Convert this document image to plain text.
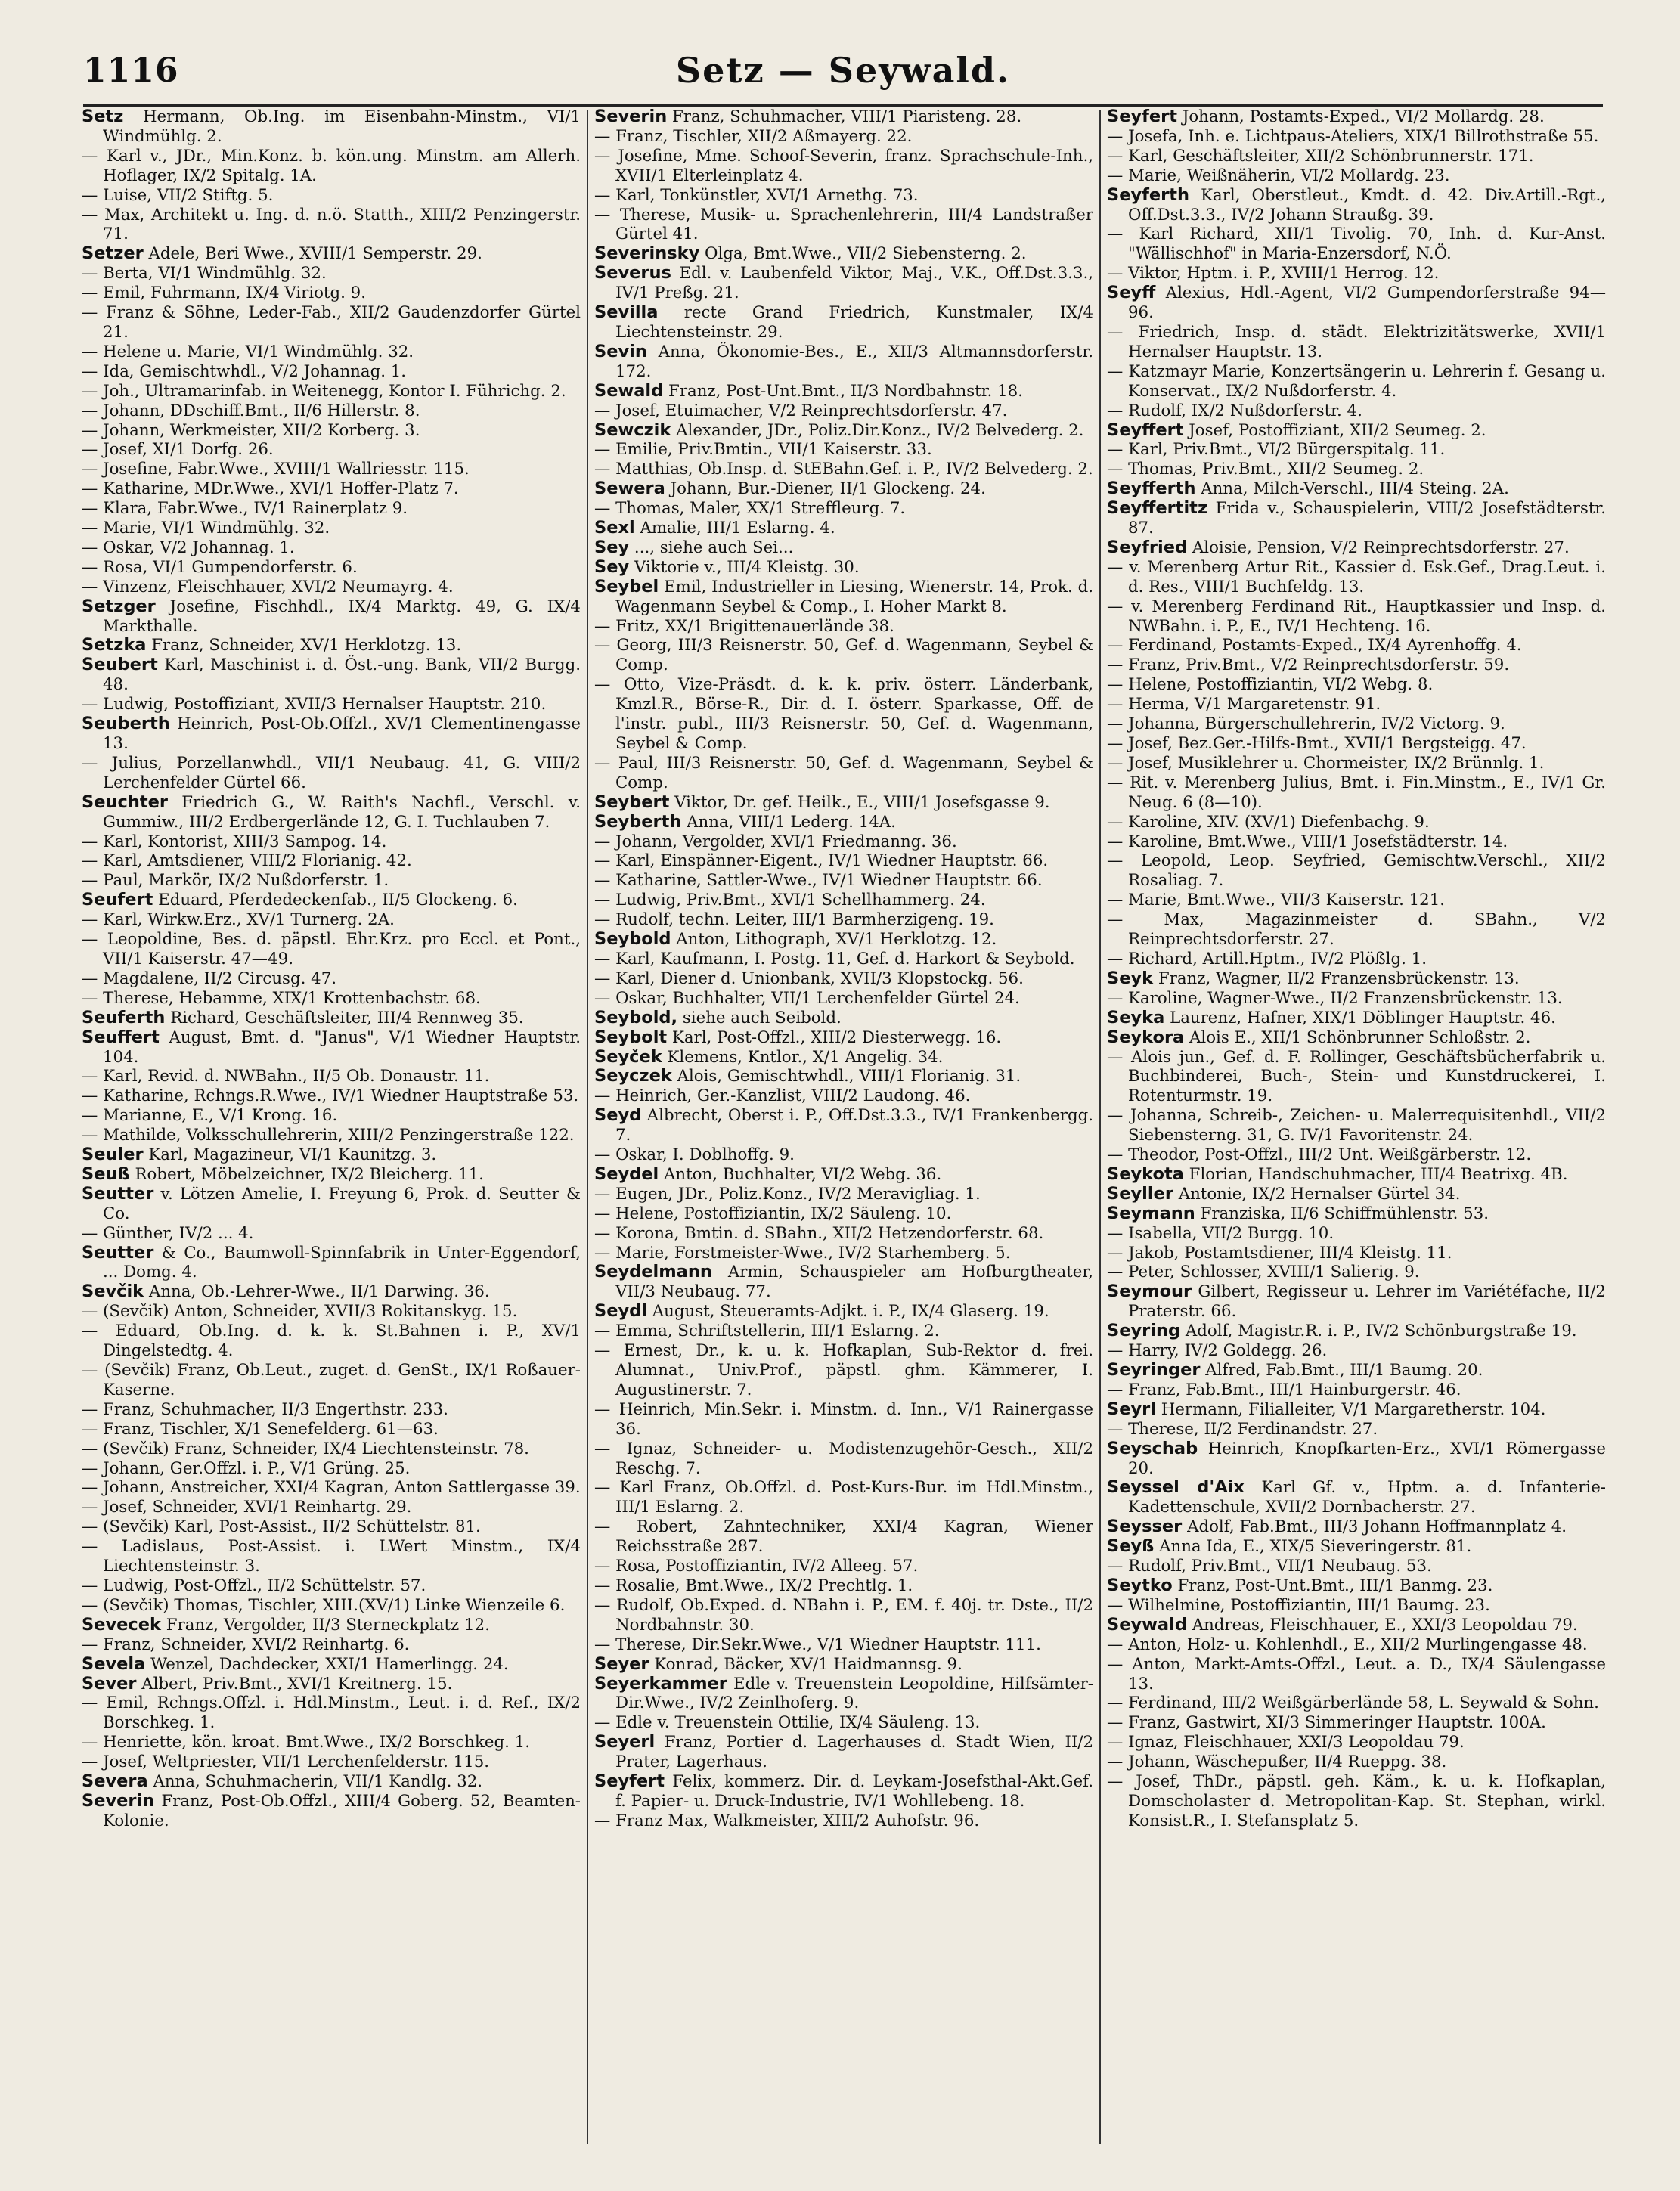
1116	Setz — Seywald.

Setz Hermann, Ob.Ing. im Eisenbahn-Minstm., VI/1 Windmühlg. 2.

— Karl v., JDr., Min.Konz. b. kön.ung. Minstm. am Allerh. Hoflager, IX/2 Spitalg. 1A.

— Luise, VII/2 Stiftg. 5.

— Max, Architekt u. Ing. d. n.ö. Statth., XIII/2 Penzingerstr. 71.

Setzer Adele, Beri Wwe., XVIII/1 Semperstr. 29.

— Berta, VI/1 Windmühlg. 32.

— Emil, Fuhrmann, IX/4 Viriotg. 9.

— Franz & Söhne, Leder-Fab., XII/2 Gaudenzdorfer Gürtel 21.

— Helene u. Marie, VI/1 Windmühlg. 32.

— Ida, Gemischtwhdl., V/2 Johannag. 1.

— Joh., Ultramarinfab. in Weitenegg, Kontor I. Führichg. 2.

— Johann, DDschiff.Bmt., II/6 Hillerstr. 8.

— Johann, Werkmeister, XII/2 Korberg. 3.

— Josef, XI/1 Dorfg. 26.

— Josefine, Fabr.Wwe., XVIII/1 Wallriesstr. 115.

— Katharine, MDr.Wwe., XVI/1 Hoffer-Platz 7.

— Klara, Fabr.Wwe., IV/1 Rainerplatz 9.

— Marie, VI/1 Windmühlg. 32.

— Oskar, V/2 Johannag. 1.

— Rosa, VI/1 Gumpendorferstr. 6.

— Vinzenz, Fleischhauer, XVI/2 Neumayrg. 4.

Setzger Josefine, Fischhdl., IX/4 Marktg. 49, G. IX/4 Markthalle.

Setzka Franz, Schneider, XV/1 Herklotzg. 13.

Seubert Karl, Maschinist i. d. Öst.-ung. Bank, VII/2 Burgg. 48.

— Ludwig, Postoffiziant, XVII/3 Hernalser Hauptstr. 210.

Seuberth Heinrich, Post-Ob.Offzl., XV/1 Clementinengasse 13.

— Julius, Porzellanwhdl., VII/1 Neubaug. 41, G. VIII/2 Lerchenfelder Gürtel 66.

Seuchter Friedrich G., W. Raith's Nachfl., Verschl. v. Gummiw., III/2 Erdbergerlände 12, G. I. Tuchlauben 7.

— Karl, Kontorist, XIII/3 Sampog. 14.

— Karl, Amtsdiener, VIII/2 Florianig. 42.

— Paul, Markör, IX/2 Nußdorferstr. 1.

Seufert Eduard, Pferdedeckenfab., II/5 Glockeng. 6.

— Karl, Wirkw.Erz., XV/1 Turnerg. 2A.

— Leopoldine, Bes. d. päpstl. Ehr.Krz. pro Eccl. et Pont., VII/1 Kaiserstr. 47—49.

— Magdalene, II/2 Circusg. 47.

— Therese, Hebamme, XIX/1 Krottenbachstr. 68.

Seuferth Richard, Geschäftsleiter, III/4 Rennweg 35.

Seuffert August, Bmt. d. "Janus", V/1 Wiedner Hauptstr. 104.

— Karl, Revid. d. NWBahn., II/5 Ob. Donaustr. 11.

— Katharine, Rchngs.R.Wwe., IV/1 Wiedner Hauptstraße 53.

— Marianne, E., V/1 Krong. 16.

— Mathilde, Volksschullehrerin, XIII/2 Penzingerstraße 122.

Seuler Karl, Magazineur, VI/1 Kaunitzg. 3.

Seuß Robert, Möbelzeichner, IX/2 Bleicherg. 11.

Seutter v. Lötzen Amelie, I. Freyung 6, Prok. d. Seutter & Co.

— Günther, IV/2 ... 4.

Seutter & Co., Baumwoll-Spinnfabrik in Unter-Eggendorf, ... Domg. 4.

Sevčik Anna, Ob.-Lehrer-Wwe., II/1 Darwing. 36.

— (Sevčik) Anton, Schneider, XVII/3 Rokitanskyg. 15.

— Eduard, Ob.Ing. d. k. k. St.Bahnen i. P., XV/1 Dingelstedtg. 4.

— (Sevčik) Franz, Ob.Leut., zuget. d. GenSt., IX/1 Roßauer-Kaserne.

— Franz, Schuhmacher, II/3 Engerthstr. 233.

— Franz, Tischler, X/1 Senefelderg. 61—63.

— (Sevčik) Franz, Schneider, IX/4 Liechtensteinstr. 78.

— Johann, Ger.Offzl. i. P., V/1 Grüng. 25.

— Johann, Anstreicher, XXI/4 Kagran, Anton Sattlergasse 39.

— Josef, Schneider, XVI/1 Reinhartg. 29.

— (Sevčik) Karl, Post-Assist., II/2 Schüttelstr. 81.

— Ladislaus, Post-Assist. i. LWert Minstm., IX/4 Liechtensteinstr. 3.

— Ludwig, Post-Offzl., II/2 Schüttelstr. 57.

— (Sevčik) Thomas, Tischler, XIII.(XV/1) Linke Wienzeile 6.

Sevecek Franz, Vergolder, II/3 Sterneckplatz 12.

— Franz, Schneider, XVI/2 Reinhartg. 6.

Sevela Wenzel, Dachdecker, XXI/1 Hamerlingg. 24.

Sever Albert, Priv.Bmt., XVI/1 Kreitnerg. 15.

— Emil, Rchngs.Offzl. i. Hdl.Minstm., Leut. i. d. Ref., IX/2 Borschkeg. 1.

— Henriette, kön. kroat. Bmt.Wwe., IX/2 Borschkeg. 1.

— Josef, Weltpriester, VII/1 Lerchenfelderstr. 115.

Severa Anna, Schuhmacherin, VII/1 Kandlg. 32.

Severin Franz, Post-Ob.Offzl., XIII/4 Goberg. 52, Beamten-Kolonie.

Severin Franz, Schuhmacher, VIII/1 Piaristeng. 28.

— Franz, Tischler, XII/2 Aßmayerg. 22.

— Josefine, Mme. Schoof-Severin, franz. Sprachschule-Inh., XVII/1 Elterleinplatz 4.

— Karl, Tonkünstler, XVI/1 Arnethg. 73.

— Therese, Musik- u. Sprachenlehrerin, III/4 Landstraßer Gürtel 41.

Severinsky Olga, Bmt.Wwe., VII/2 Siebensterng. 2.

Severus Edl. v. Laubenfeld Viktor, Maj., V.K., Off.Dst.3.3., IV/1 Preßg. 21.

Sevilla recte Grand Friedrich, Kunstmaler, IX/4 Liechtensteinstr. 29.

Sevin Anna, Ökonomie-Bes., E., XII/3 Altmannsdorferstr. 172.

Sewald Franz, Post-Unt.Bmt., II/3 Nordbahnstr. 18.

— Josef, Etuimacher, V/2 Reinprechtsdorferstr. 47.

Sewczik Alexander, JDr., Poliz.Dir.Konz., IV/2 Belvederg. 2.

— Emilie, Priv.Bmtin., VII/1 Kaiserstr. 33.

— Matthias, Ob.Insp. d. StEBahn.Gef. i. P., IV/2 Belvederg. 2.

Sewera Johann, Bur.-Diener, II/1 Glockeng. 24.

— Thomas, Maler, XX/1 Streffleurg. 7.

Sexl Amalie, III/1 Eslarng. 4.

Sey ..., siehe auch Sei...

Sey Viktorie v., III/4 Kleistg. 30.

Seybel Emil, Industrieller in Liesing, Wienerstr. 14, Prok. d. Wagenmann Seybel & Comp., I. Hoher Markt 8.

— Fritz, XX/1 Brigittenauerlände 38.

— Georg, III/3 Reisnerstr. 50, Gef. d. Wagenmann, Seybel & Comp.

— Otto, Vize-Präsdt. d. k. k. priv. österr. Länderbank, Kmzl.R., Börse-R., Dir. d. I. österr. Sparkasse, Off. de l'instr. publ., III/3 Reisnerstr. 50, Gef. d. Wagenmann, Seybel & Comp.

— Paul, III/3 Reisnerstr. 50, Gef. d. Wagenmann, Seybel & Comp.

Seybert Viktor, Dr. gef. Heilk., E., VIII/1 Josefsgasse 9.

Seyberth Anna, VIII/1 Lederg. 14A.

— Johann, Vergolder, XVI/1 Friedmanng. 36.

— Karl, Einspänner-Eigent., IV/1 Wiedner Hauptstr. 66.

— Katharine, Sattler-Wwe., IV/1 Wiedner Hauptstr. 66.

— Ludwig, Priv.Bmt., XVI/1 Schellhammerg. 24.

— Rudolf, techn. Leiter, III/1 Barmherzigeng. 19.

Seybold Anton, Lithograph, XV/1 Herklotzg. 12.

— Karl, Kaufmann, I. Postg. 11, Gef. d. Harkort & Seybold.

— Karl, Diener d. Unionbank, XVII/3 Klopstockg. 56.

— Oskar, Buchhalter, VII/1 Lerchenfelder Gürtel 24.

Seybold, siehe auch Seibold.

Seybolt Karl, Post-Offzl., XIII/2 Diesterwegg. 16.

Seyček Klemens, Kntlor., X/1 Angelig. 34.

Seyczek Alois, Gemischtwhdl., VIII/1 Florianig. 31.

— Heinrich, Ger.-Kanzlist, VIII/2 Laudong. 46.

Seyd Albrecht, Oberst i. P., Off.Dst.3.3., IV/1 Frankenbergg. 7.

— Oskar, I. Doblhoffg. 9.

Seydel Anton, Buchhalter, VI/2 Webg. 36.

— Eugen, JDr., Poliz.Konz., IV/2 Meravigliag. 1.

— Helene, Postoffiziantin, IX/2 Säuleng. 10.

— Korona, Bmtin. d. SBahn., XII/2 Hetzendorferstr. 68.

— Marie, Forstmeister-Wwe., IV/2 Starhemberg. 5.

Seydelmann Armin, Schauspieler am Hofburgtheater, VII/3 Neubaug. 77.

Seydl August, Steueramts-Adjkt. i. P., IX/4 Glaserg. 19.

— Emma, Schriftstellerin, III/1 Eslarng. 2.

— Ernest, Dr., k. u. k. Hofkaplan, Sub-Rektor d. frei. Alumnat., Univ.Prof., päpstl. ghm. Kämmerer, I. Augustinerstr. 7.

— Heinrich, Min.Sekr. i. Minstm. d. Inn., V/1 Rainergasse 36.

— Ignaz, Schneider- u. Modistenzugehör-Gesch., XII/2 Reschg. 7.

— Karl Franz, Ob.Offzl. d. Post-Kurs-Bur. im Hdl.Minstm., III/1 Eslarng. 2.

— Robert, Zahntechniker, XXI/4 Kagran, Wiener Reichsstraße 287.

— Rosa, Postoffiziantin, IV/2 Alleeg. 57.

— Rosalie, Bmt.Wwe., IX/2 Prechtlg. 1.

— Rudolf, Ob.Exped. d. NBahn i. P., EM. f. 40j. tr. Dste., II/2 Nordbahnstr. 30.

— Therese, Dir.Sekr.Wwe., V/1 Wiedner Hauptstr. 111.

Seyer Konrad, Bäcker, XV/1 Haidmannsg. 9.

Seyerkammer Edle v. Treuenstein Leopoldine, Hilfsämter-Dir.Wwe., IV/2 Zeinlhoferg. 9.

— Edle v. Treuenstein Ottilie, IX/4 Säuleng. 13.

Seyerl Franz, Portier d. Lagerhauses d. Stadt Wien, II/2 Prater, Lagerhaus.

Seyfert Felix, kommerz. Dir. d. Leykam-Josefsthal-Akt.Gef. f. Papier- u. Druck-Industrie, IV/1 Wohllebeng. 18.

— Franz Max, Walkmeister, XIII/2 Auhofstr. 96.

Seyfert Johann, Postamts-Exped., VI/2 Mollardg. 28.

— Josefa, Inh. e. Lichtpaus-Ateliers, XIX/1 Billrothstraße 55.

— Karl, Geschäftsleiter, XII/2 Schönbrunnerstr. 171.

— Marie, Weißnäherin, VI/2 Mollardg. 23.

Seyferth Karl, Oberstleut., Kmdt. d. 42. Div.Artill.-Rgt., Off.Dst.3.3., IV/2 Johann Straußg. 39.

— Karl Richard, XII/1 Tivolig. 70, Inh. d. Kur-Anst. "Wällischhof" in Maria-Enzersdorf, N.Ö.

— Viktor, Hptm. i. P., XVIII/1 Herrog. 12.

Seyff Alexius, Hdl.-Agent, VI/2 Gumpendorferstraße 94—96.

— Friedrich, Insp. d. städt. Elektrizitätswerke, XVII/1 Hernalser Hauptstr. 13.

— Katzmayr Marie, Konzertsängerin u. Lehrerin f. Gesang u. Konservat., IX/2 Nußdorferstr. 4.

— Rudolf, IX/2 Nußdorferstr. 4.

Seyffert Josef, Postoffiziant, XII/2 Seumeg. 2.

— Karl, Priv.Bmt., VI/2 Bürgerspitalg. 11.

— Thomas, Priv.Bmt., XII/2 Seumeg. 2.

Seyfferth Anna, Milch-Verschl., III/4 Steing. 2A.

Seyffertitz Frida v., Schauspielerin, VIII/2 Josefstädterstr. 87.

Seyfried Aloisie, Pension, V/2 Reinprechtsdorferstr. 27.

— v. Merenberg Artur Rit., Kassier d. Esk.Gef., Drag.Leut. i. d. Res., VIII/1 Buchfeldg. 13.

— v. Merenberg Ferdinand Rit., Hauptkassier und Insp. d. NWBahn. i. P., E., IV/1 Hechteng. 16.

— Ferdinand, Postamts-Exped., IX/4 Ayrenhoffg. 4.

— Franz, Priv.Bmt., V/2 Reinprechtsdorferstr. 59.

— Helene, Postoffiziantin, VI/2 Webg. 8.

— Herma, V/1 Margaretenstr. 91.

— Johanna, Bürgerschullehrerin, IV/2 Victorg. 9.

— Josef, Bez.Ger.-Hilfs-Bmt., XVII/1 Bergsteigg. 47.

— Josef, Musiklehrer u. Chormeister, IX/2 Brünnlg. 1.

— Rit. v. Merenberg Julius, Bmt. i. Fin.Minstm., E., IV/1 Gr. Neug. 6 (8—10).

— Karoline, XIV. (XV/1) Diefenbachg. 9.

— Karoline, Bmt.Wwe., VIII/1 Josefstädterstr. 14.

— Leopold, Leop. Seyfried, Gemischtw.Verschl., XII/2 Rosaliag. 7.

— Marie, Bmt.Wwe., VII/3 Kaiserstr. 121.

— Max, Magazinmeister d. SBahn., V/2 Reinprechtsdorferstr. 27.

— Richard, Artill.Hptm., IV/2 Plößlg. 1.

Seyk Franz, Wagner, II/2 Franzensbrückenstr. 13.

— Karoline, Wagner-Wwe., II/2 Franzensbrückenstr. 13.

Seyka Laurenz, Hafner, XIX/1 Döblinger Hauptstr. 46.

Seykora Alois E., XII/1 Schönbrunner Schloßstr. 2.

— Alois jun., Gef. d. F. Rollinger, Geschäftsbücherfabrik u. Buchbinderei, Buch-, Stein- und Kunstdruckerei, I. Rotenturmstr. 19.

— Johanna, Schreib-, Zeichen- u. Malerrequisitenhdl., VII/2 Siebensterng. 31, G. IV/1 Favoritenstr. 24.

— Theodor, Post-Offzl., III/2 Unt. Weißgärberstr. 12.

Seykota Florian, Handschuhmacher, III/4 Beatrixg. 4B.

Seyller Antonie, IX/2 Hernalser Gürtel 34.

Seymann Franziska, II/6 Schiffmühlenstr. 53.

— Isabella, VII/2 Burgg. 10.

— Jakob, Postamtsdiener, III/4 Kleistg. 11.

— Peter, Schlosser, XVIII/1 Salierig. 9.

Seymour Gilbert, Regisseur u. Lehrer im Variétéfache, II/2 Praterstr. 66.

Seyring Adolf, Magistr.R. i. P., IV/2 Schönburgstraße 19.

— Harry, IV/2 Goldegg. 26.

Seyringer Alfred, Fab.Bmt., III/1 Baumg. 20.

— Franz, Fab.Bmt., III/1 Hainburgerstr. 46.

Seyrl Hermann, Filialleiter, V/1 Margaretherstr. 104.

— Therese, II/2 Ferdinandstr. 27.

Seyschab Heinrich, Knopfkarten-Erz., XVI/1 Römergasse 20.

Seyssel d'Aix Karl Gf. v., Hptm. a. d. Infanterie-Kadettenschule, XVII/2 Dornbacherstr. 27.

Seysser Adolf, Fab.Bmt., III/3 Johann Hoffmannplatz 4.

Seyß Anna Ida, E., XIX/5 Sieveringerstr. 81.

— Rudolf, Priv.Bmt., VII/1 Neubaug. 53.

Seytko Franz, Post-Unt.Bmt., III/1 Banmg. 23.

— Wilhelmine, Postoffiziantin, III/1 Baumg. 23.

Seywald Andreas, Fleischhauer, E., XXI/3 Leopoldau 79.

— Anton, Holz- u. Kohlenhdl., E., XII/2 Murlingengasse 48.

— Anton, Markt-Amts-Offzl., Leut. a. D., IX/4 Säulengasse 13.

— Ferdinand, III/2 Weißgärberlände 58, L. Seywald & Sohn.

— Franz, Gastwirt, XI/3 Simmeringer Hauptstr. 100A.

— Ignaz, Fleischhauer, XXI/3 Leopoldau 79.

— Johann, Wäschepußer, II/4 Rueppg. 38.

— Josef, ThDr., päpstl. geh. Käm., k. u. k. Hofkaplan, Domscholaster d. Metropolitan-Kap. St. Stephan, wirkl. Konsist.R., I. Stefansplatz 5.
